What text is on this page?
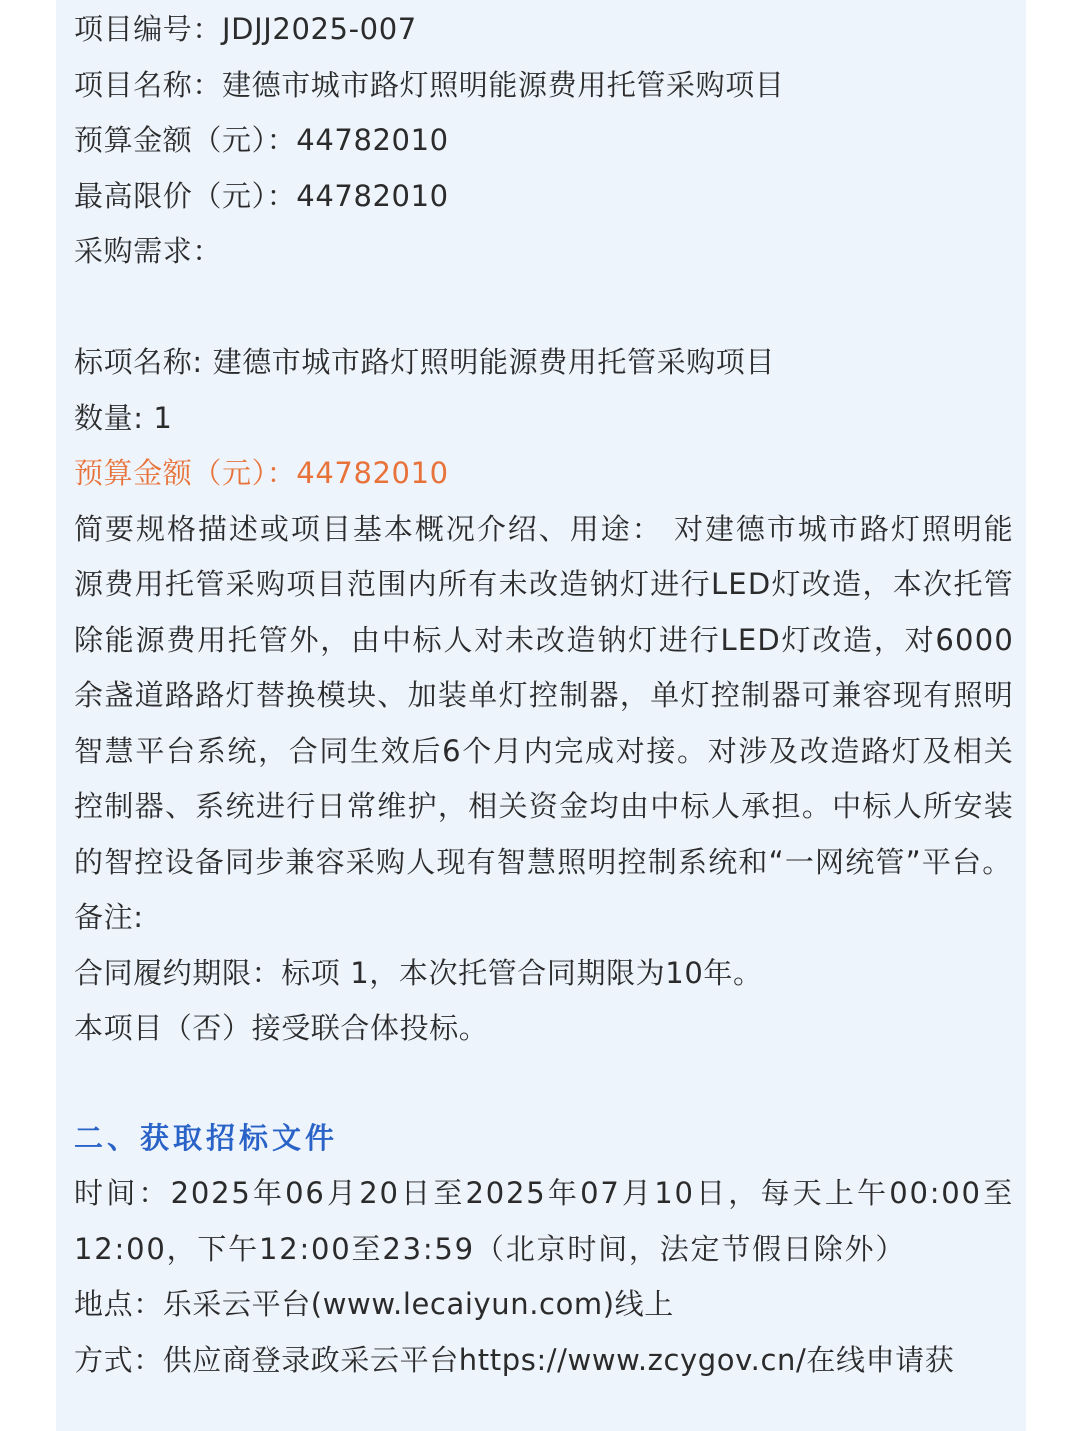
项目编号：JDJJ2025-007

项目名称：建德市城市路灯照明能源费用托管采购项目

预算金额（元）：44782010

最高限价（元）：44782010

采购需求：

标项名称: 建德市城市路灯照明能源费用托管采购项目

数量: 1

预算金额（元）：44782010

简要规格描述或项目基本概况介绍、用途： 对建德市城市路灯照明能源费用托管采购项目范围内所有未改造钠灯进行LED灯改造，本次托管除能源费用托管外，由中标人对未改造钠灯进行LED灯改造，对6000余盏道路路灯替换模块、加装单灯控制器，单灯控制器可兼容现有照明智慧平台系统，合同生效后6个月内完成对接。对涉及改造路灯及相关控制器、系统进行日常维护，相关资金均由中标人承担。中标人所安装的智控设备同步兼容采购人现有智慧照明控制系统和“一网统管”平台。

备注:

合同履约期限：标项 1，本次托管合同期限为10年。

本项目（否）接受联合体投标。

二、获取招标文件

时间：2025年06月20日至2025年07月10日，每天上午00:00至12:00，下午12:00至23:59（北京时间，法定节假日除外）

地点：乐采云平台(www.lecaiyun.com)线上

方式：供应商登录政采云平台https://www.zcygov.cn/在线申请获
